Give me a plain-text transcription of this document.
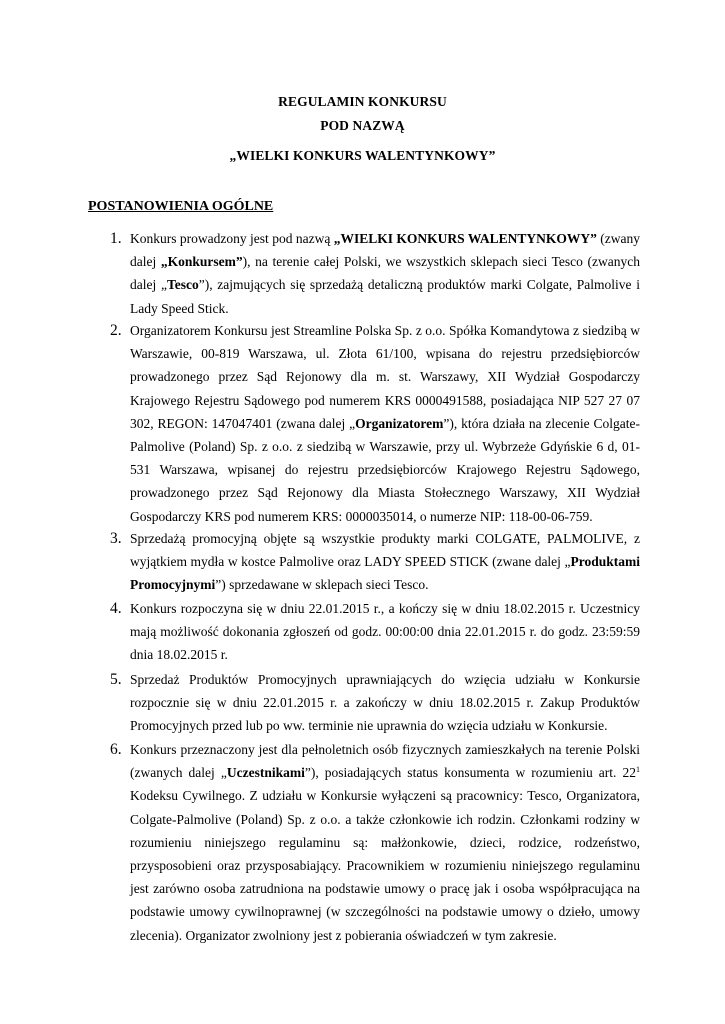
REGULAMIN KONKURSU
POD NAZWĄ
„WIELKI KONKURS WALENTYNKOWY”
POSTANOWIENIA OGÓLNE
1. Konkurs prowadzony jest pod nazwą „WIELKI KONKURS WALENTYNKOWY” (zwany dalej „Konkursem”), na terenie całej Polski, we wszystkich sklepach sieci Tesco (zwanych dalej „Tesco”), zajmujących się sprzedażą detaliczną produktów marki Colgate, Palmolive i Lady Speed Stick.
2. Organizatorem Konkursu jest Streamline Polska Sp. z o.o. Spółka Komandytowa z siedzibą w Warszawie, 00-819 Warszawa, ul. Złota 61/100, wpisana do rejestru przedsiębiorców prowadzonego przez Sąd Rejonowy dla m. st. Warszawy, XII Wydział Gospodarczy Krajowego Rejestru Sądowego pod numerem KRS 0000491588, posiadająca NIP 527 27 07 302, REGON: 147047401 (zwana dalej „Organizatorem”), która działa na zlecenie Colgate-Palmolive (Poland) Sp. z o.o. z siedzibą w Warszawie, przy ul. Wybrzeże Gdyńskie 6 d, 01-531 Warszawa, wpisanej do rejestru przedsiębiorców Krajowego Rejestru Sądowego, prowadzonego przez Sąd Rejonowy dla Miasta Stołecznego Warszawy, XII Wydział Gospodarczy KRS pod numerem KRS: 0000035014, o numerze NIP: 118-00-06-759.
3. Sprzedażą promocyjną objęte są wszystkie produkty marki COLGATE, PALMOLIVE, z wyjątkiem mydła w kostce Palmolive oraz LADY SPEED STICK (zwane dalej „Produktami Promocyjnymi”) sprzedawane w sklepach sieci Tesco.
4. Konkurs rozpoczyna się w dniu 22.01.2015 r., a kończy się w dniu 18.02.2015 r. Uczestnicy mają możliwość dokonania zgłoszeń od godz. 00:00:00 dnia 22.01.2015 r. do godz. 23:59:59 dnia 18.02.2015 r.
5. Sprzedaż Produktów Promocyjnych uprawniających do wzięcia udziału w Konkursie rozpocznie się w dniu 22.01.2015 r. a zakończy w dniu 18.02.2015 r. Zakup Produktów Promocyjnych przed lub po ww. terminie nie uprawnia do wzięcia udziału w Konkursie.
6. Konkurs przeznaczony jest dla pełnoletnich osób fizycznych zamieszkałych na terenie Polski (zwanych dalej „Uczestnikami”), posiadających status konsumenta w rozumieniu art. $22^1$ Kodeksu Cywilnego. Z udziału w Konkursie wyłączeni są pracownicy: Tesco, Organizatora, Colgate-Palmolive (Poland) Sp. z o.o. a także członkowie ich rodzin. Członkami rodziny w rozumieniu niniejszego regulaminu są: małżonkowie, dzieci, rodzice, rodzeństwo, przysposobieni oraz przysposabiający. Pracownikiem w rozumieniu niniejszego regulaminu jest zarówno osoba zatrudniona na podstawie umowy o pracę jak i osoba współpracująca na podstawie umowy cywilnoprawnej (w szczególności na podstawie umowy o dzieło, umowy zlecenia). Organizator zwolniony jest z pobierania oświadczeń w tym zakresie.
